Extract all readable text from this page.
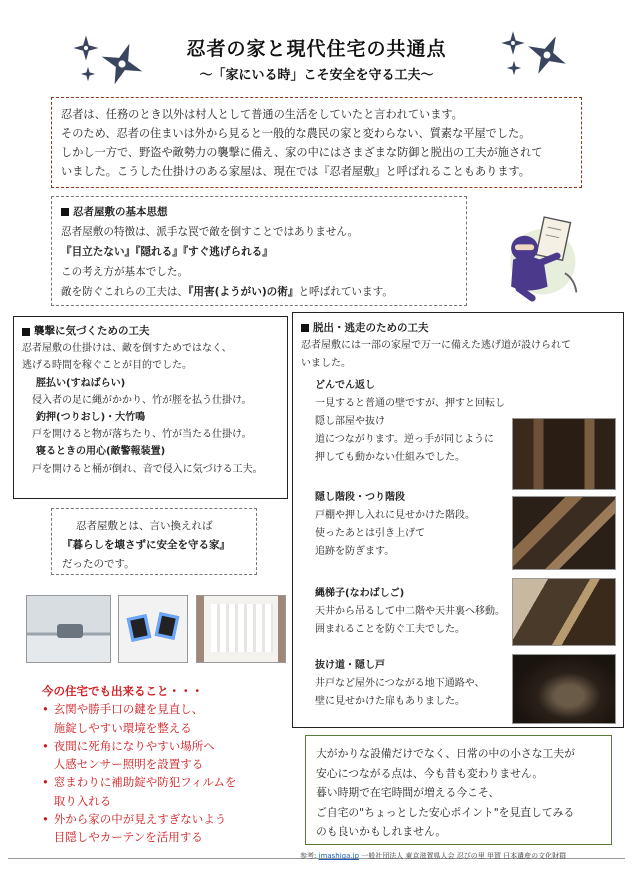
忍者の家と現代住宅の共通点
〜「家にいる時」こそ安全を守る工夫〜
忍者は、任務のとき以外は村人として普通の生活をしていたと言われています。
そのため、忍者の住まいは外から見ると一般的な農民の家と変わらない、質素な平屋でした。
しかし一方で、野盗や敵勢力の襲撃に備え、家の中にはさまざまな防御と脱出の工夫が施されて
いました。こうした仕掛けのある家屋は、現在では『忍者屋敷』と呼ばれることもあります。
忍者屋敷の基本思想
忍者屋敷の特徴は、派手な罠で敵を倒すことではありません。
『目立たない』『隠れる』『すぐ逃げられる』
この考え方が基本でした。
敵を防ぐこれらの工夫は、『用害(ようがい)の術』と呼ばれています。
襲撃に気づくための工夫
忍者屋敷の仕掛けは、敵を倒すためではなく、
逃げる時間を稼ぐことが目的でした。
脛払い(すねばらい)
侵入者の足に縄がかかり、竹が脛を払う仕掛け。
釣押(つりおし)・大竹鳴
戸を開けると物が落ちたり、竹が当たる仕掛け。
寝るときの用心(敵警報装置)
戸を開けると桶が倒れ、音で侵入に気づける工夫。
脱出・逃走のための工夫
忍者屋敷には一部の家屋で万一に備えた逃げ道が設けられて
いました。
どんでん返し
一見すると普通の壁ですが、押すと回転し
隠し部屋や抜け
道につながります。逆っ手が同じように
押しても動かない仕組みでした。
隠し階段・つり階段
戸棚や押し入れに見せかけた階段。
使ったあとは引き上げて
追跡を防ぎます。
縄梯子(なわばしご)
天井から吊るして中二階や天井裏へ移動。
囲まれることを防ぐ工夫でした。
抜け道・隠し戸
井戸など屋外につながる地下通路や、
壁に見せかけた扉もありました。
忍者屋敷とは、言い換えれば
『暮らしを壊さずに安全を守る家』
だったのです。
今の住宅でも出来ること・・・
• 玄関や勝手口の鍵を見直し、
施錠しやすい環境を整える
• 夜間に死角になりやすい場所へ
人感センサー照明を設置する
• 窓まわりに補助錠や防犯フィルムを
取り入れる
• 外から家の中が見えすぎないよう
目隠しやカーテンを活用する
大がかりな設備だけでなく、日常の中の小さな工夫が
安心につながる点は、今も昔も変わりません。
暮い時期で在宅時間が増える今こそ、
ご自宅の"ちょっとした安心ポイント"を見直してみる
のも良いかもしれません。
参考: imashiga.jp 一般社団法人 東京滋賀県人会 忍びの里 甲賀 日本遺産の文化財群
